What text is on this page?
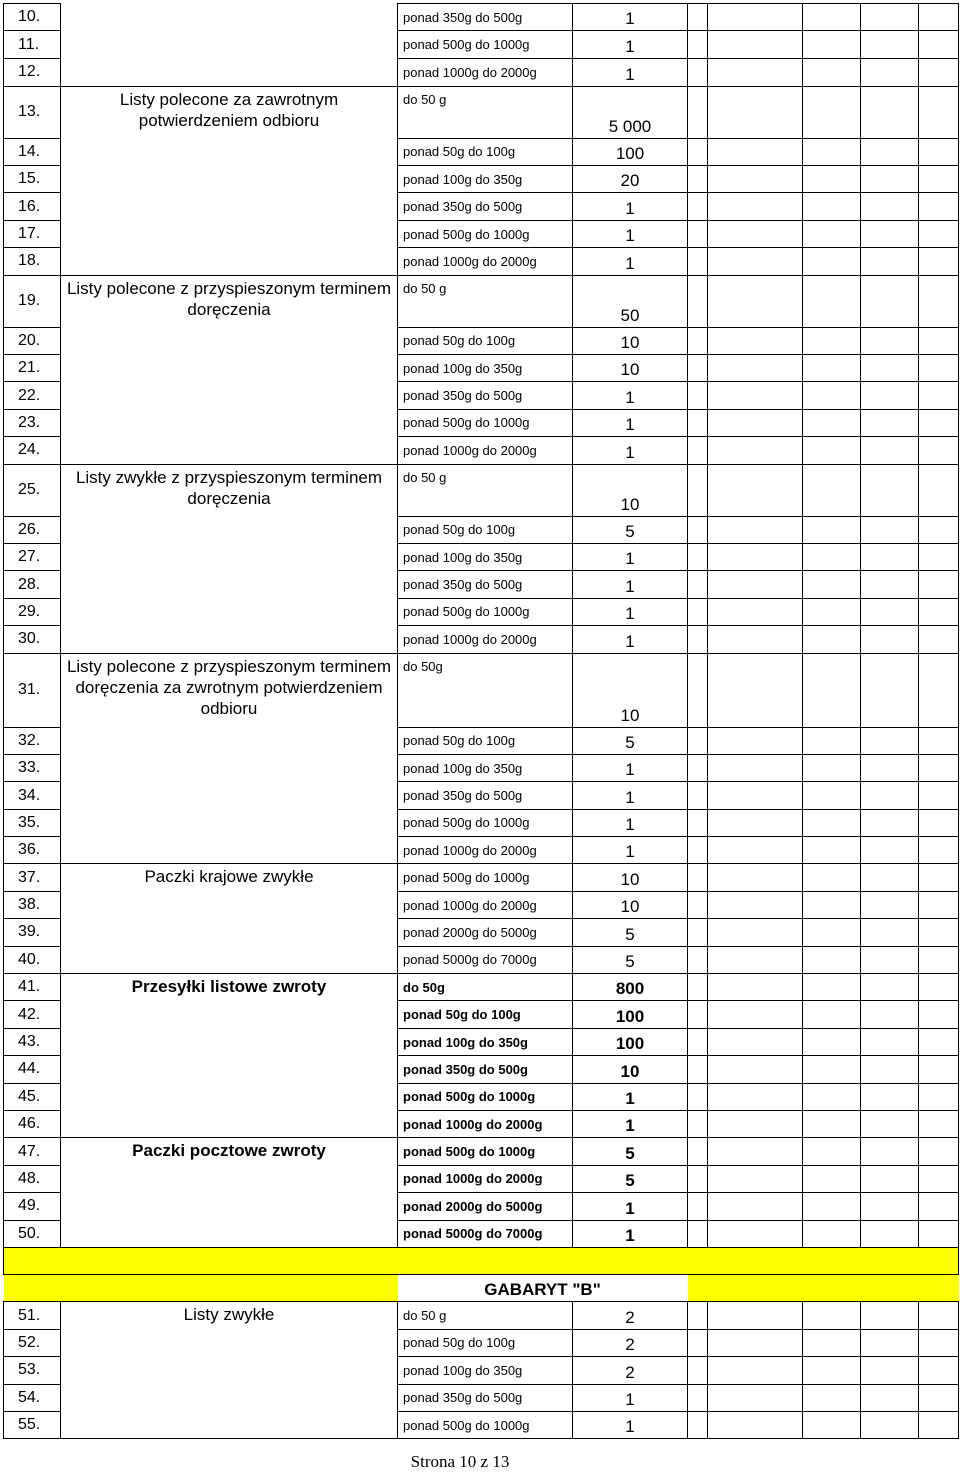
10.		ponad 350g do 500g	1					
11.		ponad 500g do 1000g	1					
12.		ponad 1000g do 2000g	1					
13.	Listy polecone za zawrotnym potwierdzeniem odbioru	do 50 g	5 000					
14.		ponad 50g do 100g	100					
15.		ponad 100g do 350g	20					
16.		ponad 350g do 500g	1					
17.		ponad 500g do 1000g	1					
18.		ponad 1000g do 2000g	1					
19.	Listy polecone z przyspieszonym terminem doręczenia	do 50 g	50					
20.		ponad 50g do 100g	10					
21.		ponad 100g do 350g	10					
22.		ponad 350g do 500g	1					
23.		ponad 500g do 1000g	1					
24.		ponad 1000g do 2000g	1					
25.	Listy zwykłe z przyspieszonym terminem doręczenia	do 50 g	10					
26.		ponad 50g do 100g	5					
27.		ponad 100g do 350g	1					
28.		ponad 350g do 500g	1					
29.		ponad 500g do 1000g	1					
30.		ponad 1000g do 2000g	1					
31.	Listy polecone z przyspieszonym terminem doręczenia za zwrotnym potwierdzeniem odbioru	do 50g	10					
32.		ponad 50g do 100g	5					
33.		ponad 100g do 350g	1					
34.		ponad 350g do 500g	1					
35.		ponad 500g do 1000g	1					
36.		ponad 1000g do 2000g	1					
37.	Paczki krajowe zwykłe	ponad 500g do 1000g	10					
38.		ponad 1000g do 2000g	10					
39.		ponad 2000g do 5000g	5					
40.		ponad 5000g do 7000g	5					
41.	Przesyłki listowe zwroty	do 50g	800					
42.		ponad 50g do 100g	100					
43.		ponad 100g do 350g	100					
44.		ponad 350g do 500g	10					
45.		ponad 500g do 1000g	1					
46.		ponad 1000g do 2000g	1					
47.	Paczki pocztowe zwroty	ponad 500g do 1000g	5					
48.		ponad 1000g do 2000g	5					
49.		ponad 2000g do 5000g	1					
50.		ponad 5000g do 7000g	1					

		GABARYT "B"						
51.	Listy zwykłe	do 50 g	2					
52.		ponad 50g do 100g	2					
53.		ponad 100g do 350g	2					
54.		ponad 350g do 500g	1					
55.		ponad 500g do 1000g	1					
Strona 10 z 13
